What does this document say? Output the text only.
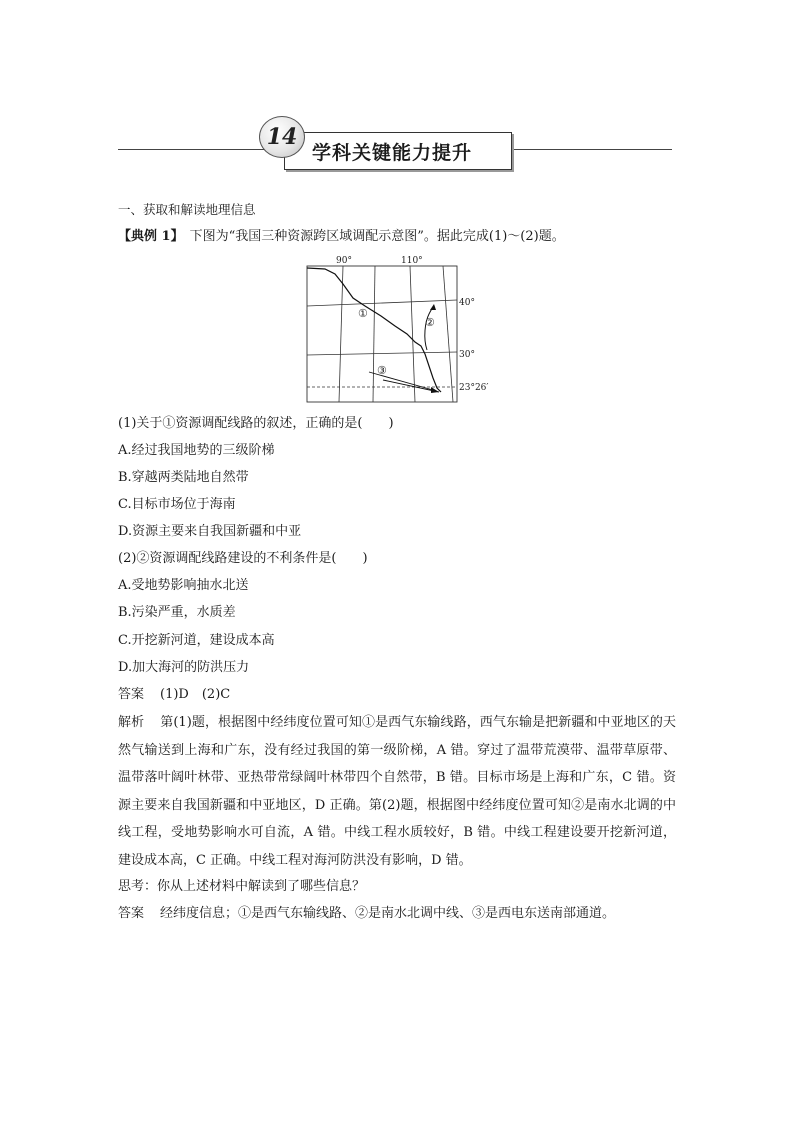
学科关键能力提升
14
一、获取和解读地理信息
【典例 1】 下图为“我国三种资源跨区域调配示意图”。据此完成(1)～(2)题。
90°	110°
40°
30°
23°26′
①
②
③
(1)关于①资源调配线路的叙述，正确的是(　　)
A.经过我国地势的三级阶梯
B.穿越两类陆地自然带
C.目标市场位于海南
D.资源主要来自我国新疆和中亚
(2)②资源调配线路建设的不利条件是(　　)
A.受地势影响抽水北送
B.污染严重，水质差
C.开挖新河道，建设成本高
D.加大海河的防洪压力
答案 (1)D　(2)C
解析 第(1)题，根据图中经纬度位置可知①是西气东输线路，西气东输是把新疆和中亚地区的天然气输送到上海和广东，没有经过我国的第一级阶梯，A 错。穿过了温带荒漠带、温带草原带、温带落叶阔叶林带、亚热带常绿阔叶林带四个自然带，B 错。目标市场是上海和广东，C 错。资源主要来自我国新疆和中亚地区，D 正确。第(2)题，根据图中经纬度位置可知②是南水北调的中线工程，受地势影响水可自流，A 错。中线工程水质较好，B 错。中线工程建设要开挖新河道，建设成本高，C 正确。中线工程对海河防洪没有影响，D 错。
思考：你从上述材料中解读到了哪些信息？
答案 经纬度信息；①是西气东输线路、②是南水北调中线、③是西电东送南部通道。
